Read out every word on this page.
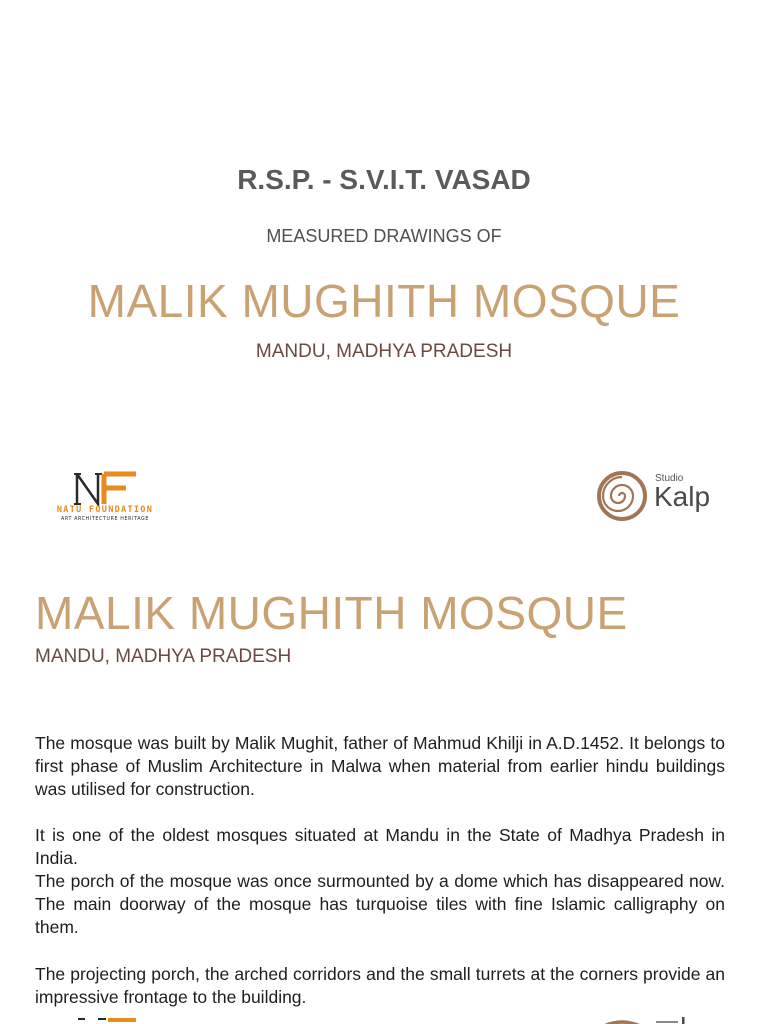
R.S.P. - S.V.I.T. VASAD
MEASURED DRAWINGS OF
MALIK MUGHITH MOSQUE
MANDU, MADHYA PRADESH
NATU FOUNDATION
ART ARCHITECTURE HERITAGE
Studio
Kalp
MALIK MUGHITH MOSQUE
MANDU, MADHYA PRADESH

The mosque was built by Malik Mughit, father of Mahmud Khilji in A.D.1452. It belongs to first phase of Muslim Architecture in Malwa when material from earlier hindu buildings was utilised for construction.

It is one of the oldest mosques situated at Mandu in the State of Madhya Pradesh in India.

The porch of the mosque was once surmounted by a dome which has disappeared now. The main doorway of the mosque has turquoise tiles with fine Islamic calligraphy on them.

The projecting porch, the arched corridors and the small turrets at the corners provide an impressive frontage to the building.
